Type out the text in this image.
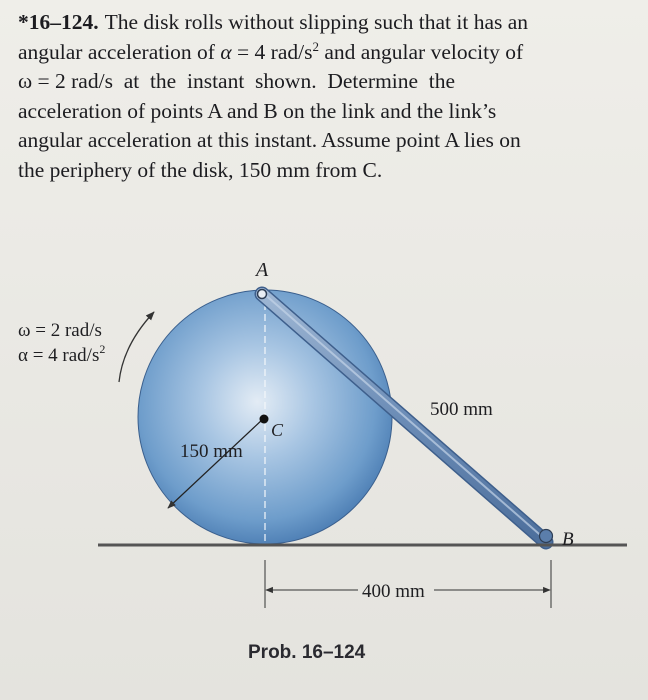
*16–124. The disk rolls without slipping such that it has an
angular acceleration of α = 4 rad/$s^2$ and angular velocity of
ω = 2 rad/s  at  the  instant  shown.  Determine  the
acceleration of points A and B on the link and the link’s
angular acceleration at this instant. Assume point A lies on
the periphery of the disk, 150 mm from C.
A
C
B
ω = 2 rad/s
α = 4 rad/$s^2$
150 mm
500 mm
400 mm
Prob. 16–124
